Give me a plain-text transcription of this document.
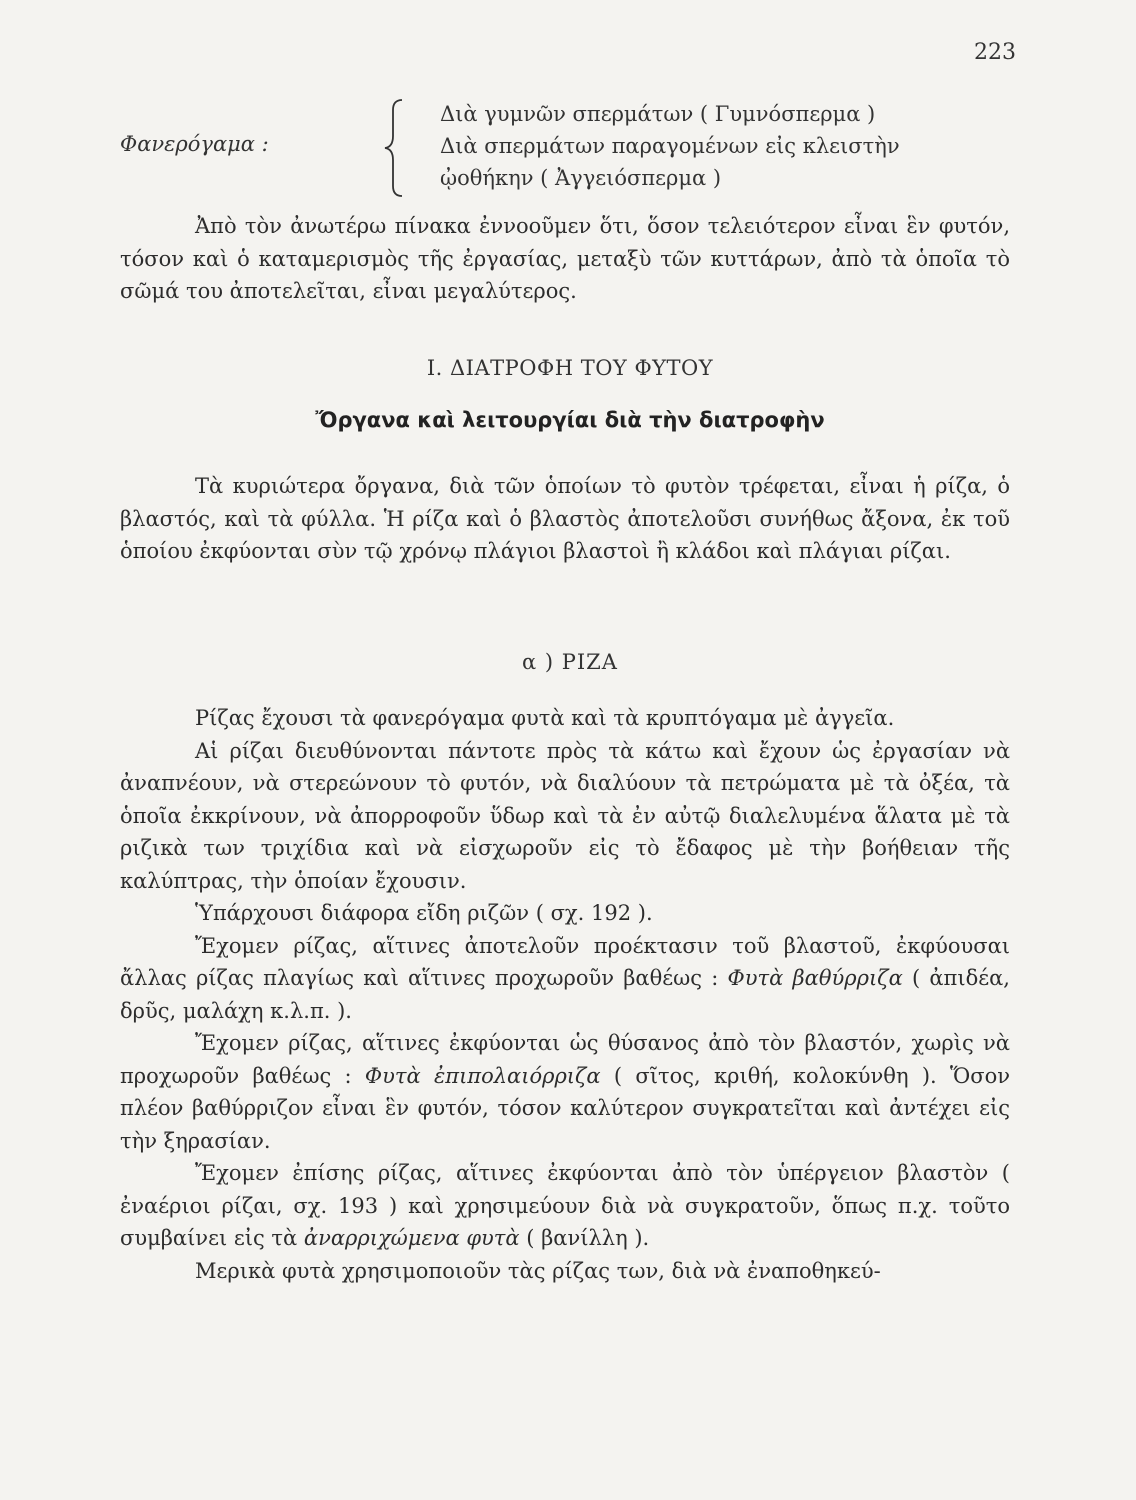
223
Φανερόγαμα :
Διὰ γυμνῶν σπερμάτων ( Γυμνόσπερμα )
Διὰ σπερμάτων παραγομένων εἰς κλειστὴν
ᾠοθήκην ( Ἀγγειόσπερμα )

Ἀπὸ τὸν ἀνωτέρω πίνακα ἐννοοῦμεν ὅτι, ὅσον τελειότερον εἶναι ἓν φυτόν, τόσον καὶ ὁ καταμερισμὸς τῆς ἐργασίας, μεταξὺ τῶν κυττάρων, ἀπὸ τὰ ὁποῖα τὸ σῶμά του ἀποτελεῖται, εἶναι μεγαλύτερος.

I. ΔΙΑΤΡΟΦΗ ΤΟΥ ΦΥΤΟΥ
Ὄργανα καὶ λειτουργίαι διὰ τὴν διατροφὴν

Τὰ κυριώτερα ὄργανα, διὰ τῶν ὁποίων τὸ φυτὸν τρέφεται, εἶναι ἡ ρίζα, ὁ βλαστός, καὶ τὰ φύλλα. Ἡ ρίζα καὶ ὁ βλαστὸς ἀποτελοῦσι συνήθως ἄξονα, ἐκ τοῦ ὁποίου ἐκφύονται σὺν τῷ χρόνῳ πλάγιοι βλαστοὶ ἢ κλάδοι καὶ πλάγιαι ρίζαι.

α ) ΡΙΖΑ

Ρίζας ἔχουσι τὰ φανερόγαμα φυτὰ καὶ τὰ κρυπτόγαμα μὲ ἀγγεῖα.

Αἱ ρίζαι διευθύνονται πάντοτε πρὸς τὰ κάτω καὶ ἔχουν ὡς ἐργασίαν νὰ ἀναπνέουν, νὰ στερεώνουν τὸ φυτόν, νὰ διαλύουν τὰ πετρώματα μὲ τὰ ὀξέα, τὰ ὁποῖα ἐκκρίνουν, νὰ ἀπορροφοῦν ὕδωρ καὶ τὰ ἐν αὐτῷ διαλελυμένα ἅλατα μὲ τὰ ριζικὰ των τριχίδια καὶ νὰ εἰσχωροῦν εἰς τὸ ἔδαφος μὲ τὴν βοήθειαν τῆς καλύπτρας, τὴν ὁποίαν ἔχουσιν.

Ὑπάρχουσι διάφορα εἴδη ριζῶν ( σχ. 192 ).

Ἔχομεν ρίζας, αἵτινες ἀποτελοῦν προέκτασιν τοῦ βλαστοῦ, ἐκφύουσαι ἄλλας ρίζας πλαγίως καὶ αἵτινες προχωροῦν βαθέως : Φυτὰ βαθύρριζα ( ἀπιδέα, δρῦς, μαλάχη κ.λ.π. ).

Ἔχομεν ρίζας, αἵτινες ἐκφύονται ὡς θύσανος ἀπὸ τὸν βλαστόν, χωρὶς νὰ προχωροῦν βαθέως : Φυτὰ ἐπιπολαιόρριζα ( σῖτος, κριθή, κολοκύνθη ). Ὅσον πλέον βαθύρριζον εἶναι ἓν φυτόν, τόσον καλύτερον συγκρατεῖται καὶ ἀντέχει εἰς τὴν ξηρασίαν.

Ἔχομεν ἐπίσης ρίζας, αἵτινες ἐκφύονται ἀπὸ τὸν ὑπέργειον βλαστὸν ( ἐναέριοι ρίζαι, σχ. 193 ) καὶ χρησιμεύουν διὰ νὰ συγκρατοῦν, ὅπως π.χ. τοῦτο συμβαίνει εἰς τὰ ἀναρριχώμενα φυτὰ ( βανίλλη ).

Μερικὰ φυτὰ χρησιμοποιοῦν τὰς ρίζας των, διὰ νὰ ἐναποθηκεύ-
